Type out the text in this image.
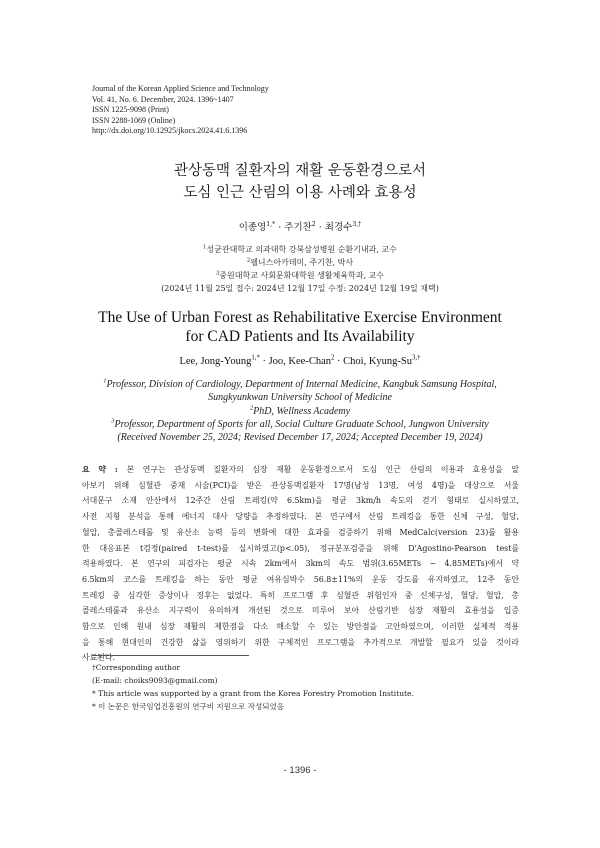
Journal of the Korean Applied Science and Technology
Vol. 41, No. 6. December, 2024. 1396~1407
ISSN 1225-9098 (Print)
ISSN 2288-1069 (Online)
http://dx.doi.org/10.12925/jkocs.2024.41.6.1396
관상동맥 질환자의 재활 운동환경으로서
도심 인근 산림의 이용 사례와 효용성
이종영$^{1,*}$ · 주기찬$^2$ · 최경수$^{3,\dagger}$
$^1$성균관대학교 의과대학 강북삼성병원 순환기내과, 교수
$^2$웰니스아카데미, 주기찬, 박사
$^3$중원대학교 사회문화대학원 생활체육학과, 교수
(2024년 11월 25일 접수: 2024년 12월 17일 수정: 2024년 12월 19일 채택)
The Use of Urban Forest as Rehabilitative Exercise Environment
for CAD Patients and Its Availability
Lee, Jong-Young$^{1,*}$ · Joo, Kee-Chan$^2$ · Choi, Kyung-$Su^{3,\dagger}$
$^1$Professor, Division of Cardiology, Department of Internal Medicine, Kangbuk Samsung Hospital,
Sungkyunkwan University School of Medicine
$^2$PhD, Wellness Academy
$^3$Professor, Department of Sports for all, Social Culture Graduate School, Jungwon University
(Received November 25, 2024; Revised December 17, 2024; Accepted December 19, 2024)
요 약 : 본 연구는 관상동맥 질환자의 심장 재활 운동환경으로서 도심 인근 산림의 이용과 효용성을 알
아보기 위해 심혈관 중재 시술(PCI)을 받은 관상동맥질환자 17명(남성 13명, 여성 4명)을 대상으로 서울
서대문구 소재 안산에서 12주간 산림 트레킹(약 6.5km)을 평균 3km/h 속도의 걷기 형태로 실시하였고,
사전 지형 분석을 통해 에너지 대사 당량을 추정하였다. 본 연구에서 산림 트레킹을 통한 신체 구성, 혈당,
혈압, 총콜레스테롤 및 유산소 능력 등의 변화에 대한 효과를 검증하기 위해 MedCalc(version 23)를 활용
한 대응표본 t검정(paired t-test)를 실시하였고(p<.05), 정규분포검증을 위해 D'Agostino-Pearson test를
적용하였다. 본 연구의 피검자는 평균 시속 2km에서 3km의 속도 범위(3.65METs ~ 4.85METs)에서 약
6.5km의 코스를 트레킹을 하는 동안 평균 여유심박수 56.8±11%의 운동 강도를 유지하였고, 12주 동안
트레킹 중 심각한 증상이나 징후는 없었다. 특히 프로그램 후 심혈관 위험인자 중 신체구성, 혈당, 혈압, 총
콜레스테롤과 유산소 지구력이 유의하게 개선된 것으로 미루어 보아 산림기반 심장 재활의 효용성을 입증
함으로 인해 원내 심장 재활의 제한점을 다소 해소할 수 있는 방안점을 고안하였으며, 이러한 실제적 적용
을 통해 현대인의 건강한 삶을 영위하기 위한 구체적인 프로그램을 추가적으로 개발할 필요가 있을 것이라
사료된다.
†Corresponding author
(E-mail: choiks9093@gmail.com)
* This article was supported by a grant from the Korea Forestry Promotion Institute.
* 이 논문은 한국임업진흥원의 연구비 지원으로 작성되었음
- 1396 -
